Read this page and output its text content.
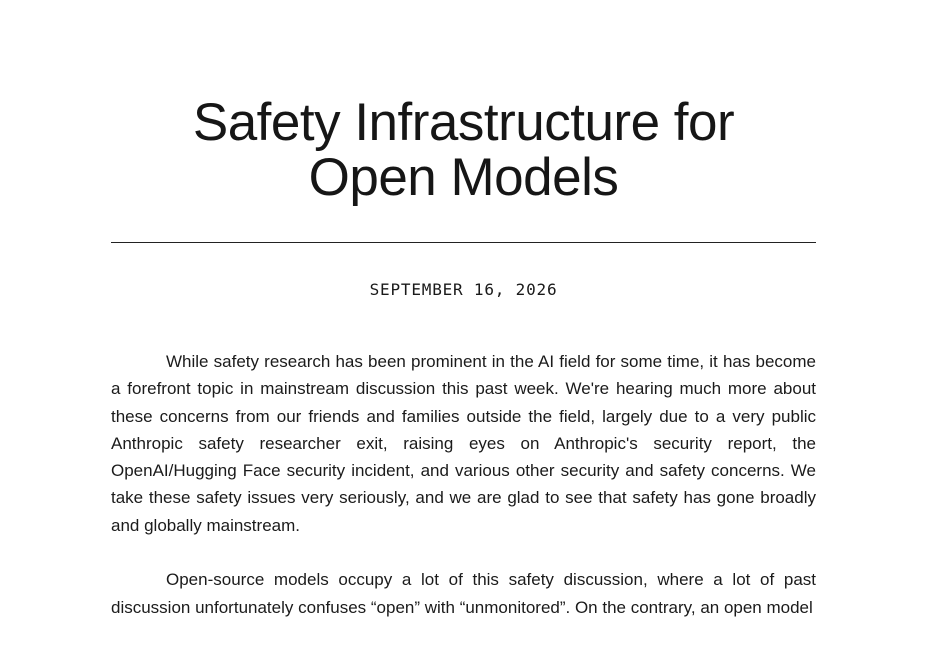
Safety Infrastructure for
Open Models
SEPTEMBER 16, 2026

While safety research has been prominent in the AI field for some time, it has become a forefront topic in mainstream discussion this past week. We're hearing much more about these concerns from our friends and families outside the field, largely due to a very public Anthropic safety researcher exit, raising eyes on Anthropic's security report, the OpenAI/Hugging Face security incident, and various other security and safety concerns. We take these safety issues very seriously, and we are glad to see that safety has gone broadly and globally mainstream.

Open-source models occupy a lot of this safety discussion, where a lot of past discussion unfortunately confuses “open” with “unmonitored”. On the contrary, an open model
